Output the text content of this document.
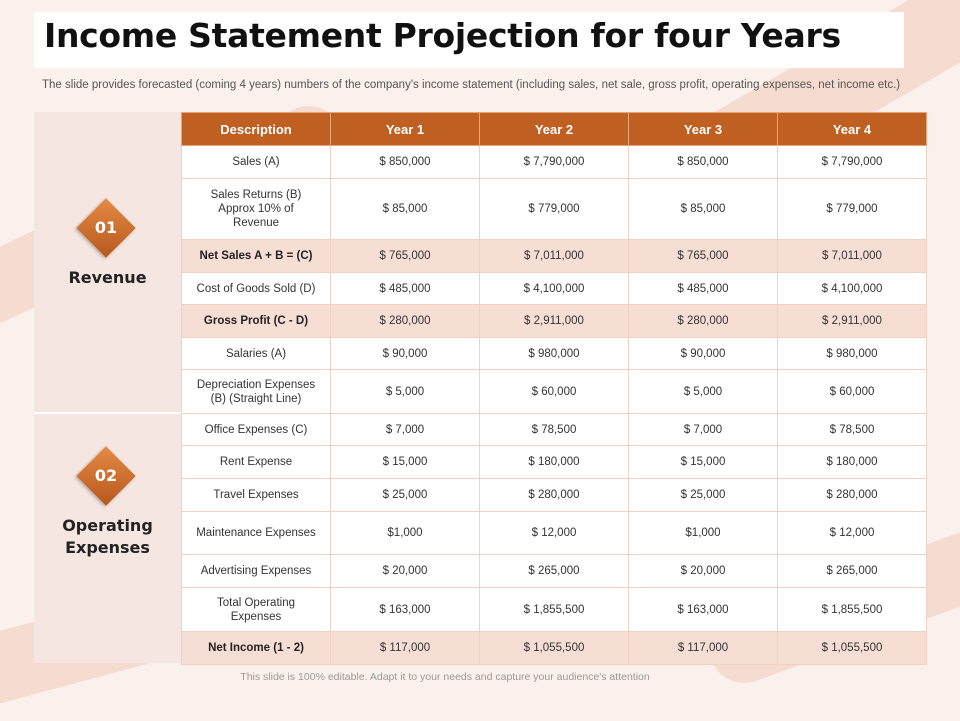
Income Statement Projection for four Years
The slide provides forecasted (coming 4 years) numbers of the company's income statement (including sales, net sale, gross profit, operating expenses, net income etc.)
01
Revenue
02
Operating Expenses
Description	Year 1	Year 2	Year 3	Year 4
Sales (A)	$ 850,000	$ 7,790,000	$ 850,000	$ 7,790,000
Sales Returns (B) Approx 10% of Revenue	$ 85,000	$ 779,000	$ 85,000	$ 779,000
Net Sales A + B = (C)	$ 765,000	$ 7,011,000	$ 765,000	$ 7,011,000
Cost of Goods Sold (D)	$ 485,000	$ 4,100,000	$ 485,000	$ 4,100,000
Gross Profit (C - D)	$ 280,000	$ 2,911,000	$ 280,000	$ 2,911,000
Salaries (A)	$ 90,000	$ 980,000	$ 90,000	$ 980,000
Depreciation Expenses (B) (Straight Line)	$ 5,000	$ 60,000	$ 5,000	$ 60,000
Office Expenses (C)	$ 7,000	$ 78,500	$ 7,000	$ 78,500
Rent Expense	$ 15,000	$ 180,000	$ 15,000	$ 180,000
Travel Expenses	$ 25,000	$ 280,000	$ 25,000	$ 280,000
Maintenance Expenses	$1,000	$ 12,000	$1,000	$ 12,000
Advertising Expenses	$ 20,000	$ 265,000	$ 20,000	$ 265,000
Total Operating Expenses	$ 163,000	$ 1,855,500	$ 163,000	$ 1,855,500
Net Income (1 - 2)	$ 117,000	$ 1,055,500	$ 117,000	$ 1,055,500
This slide is 100% editable. Adapt it to your needs and capture your audience's attention
